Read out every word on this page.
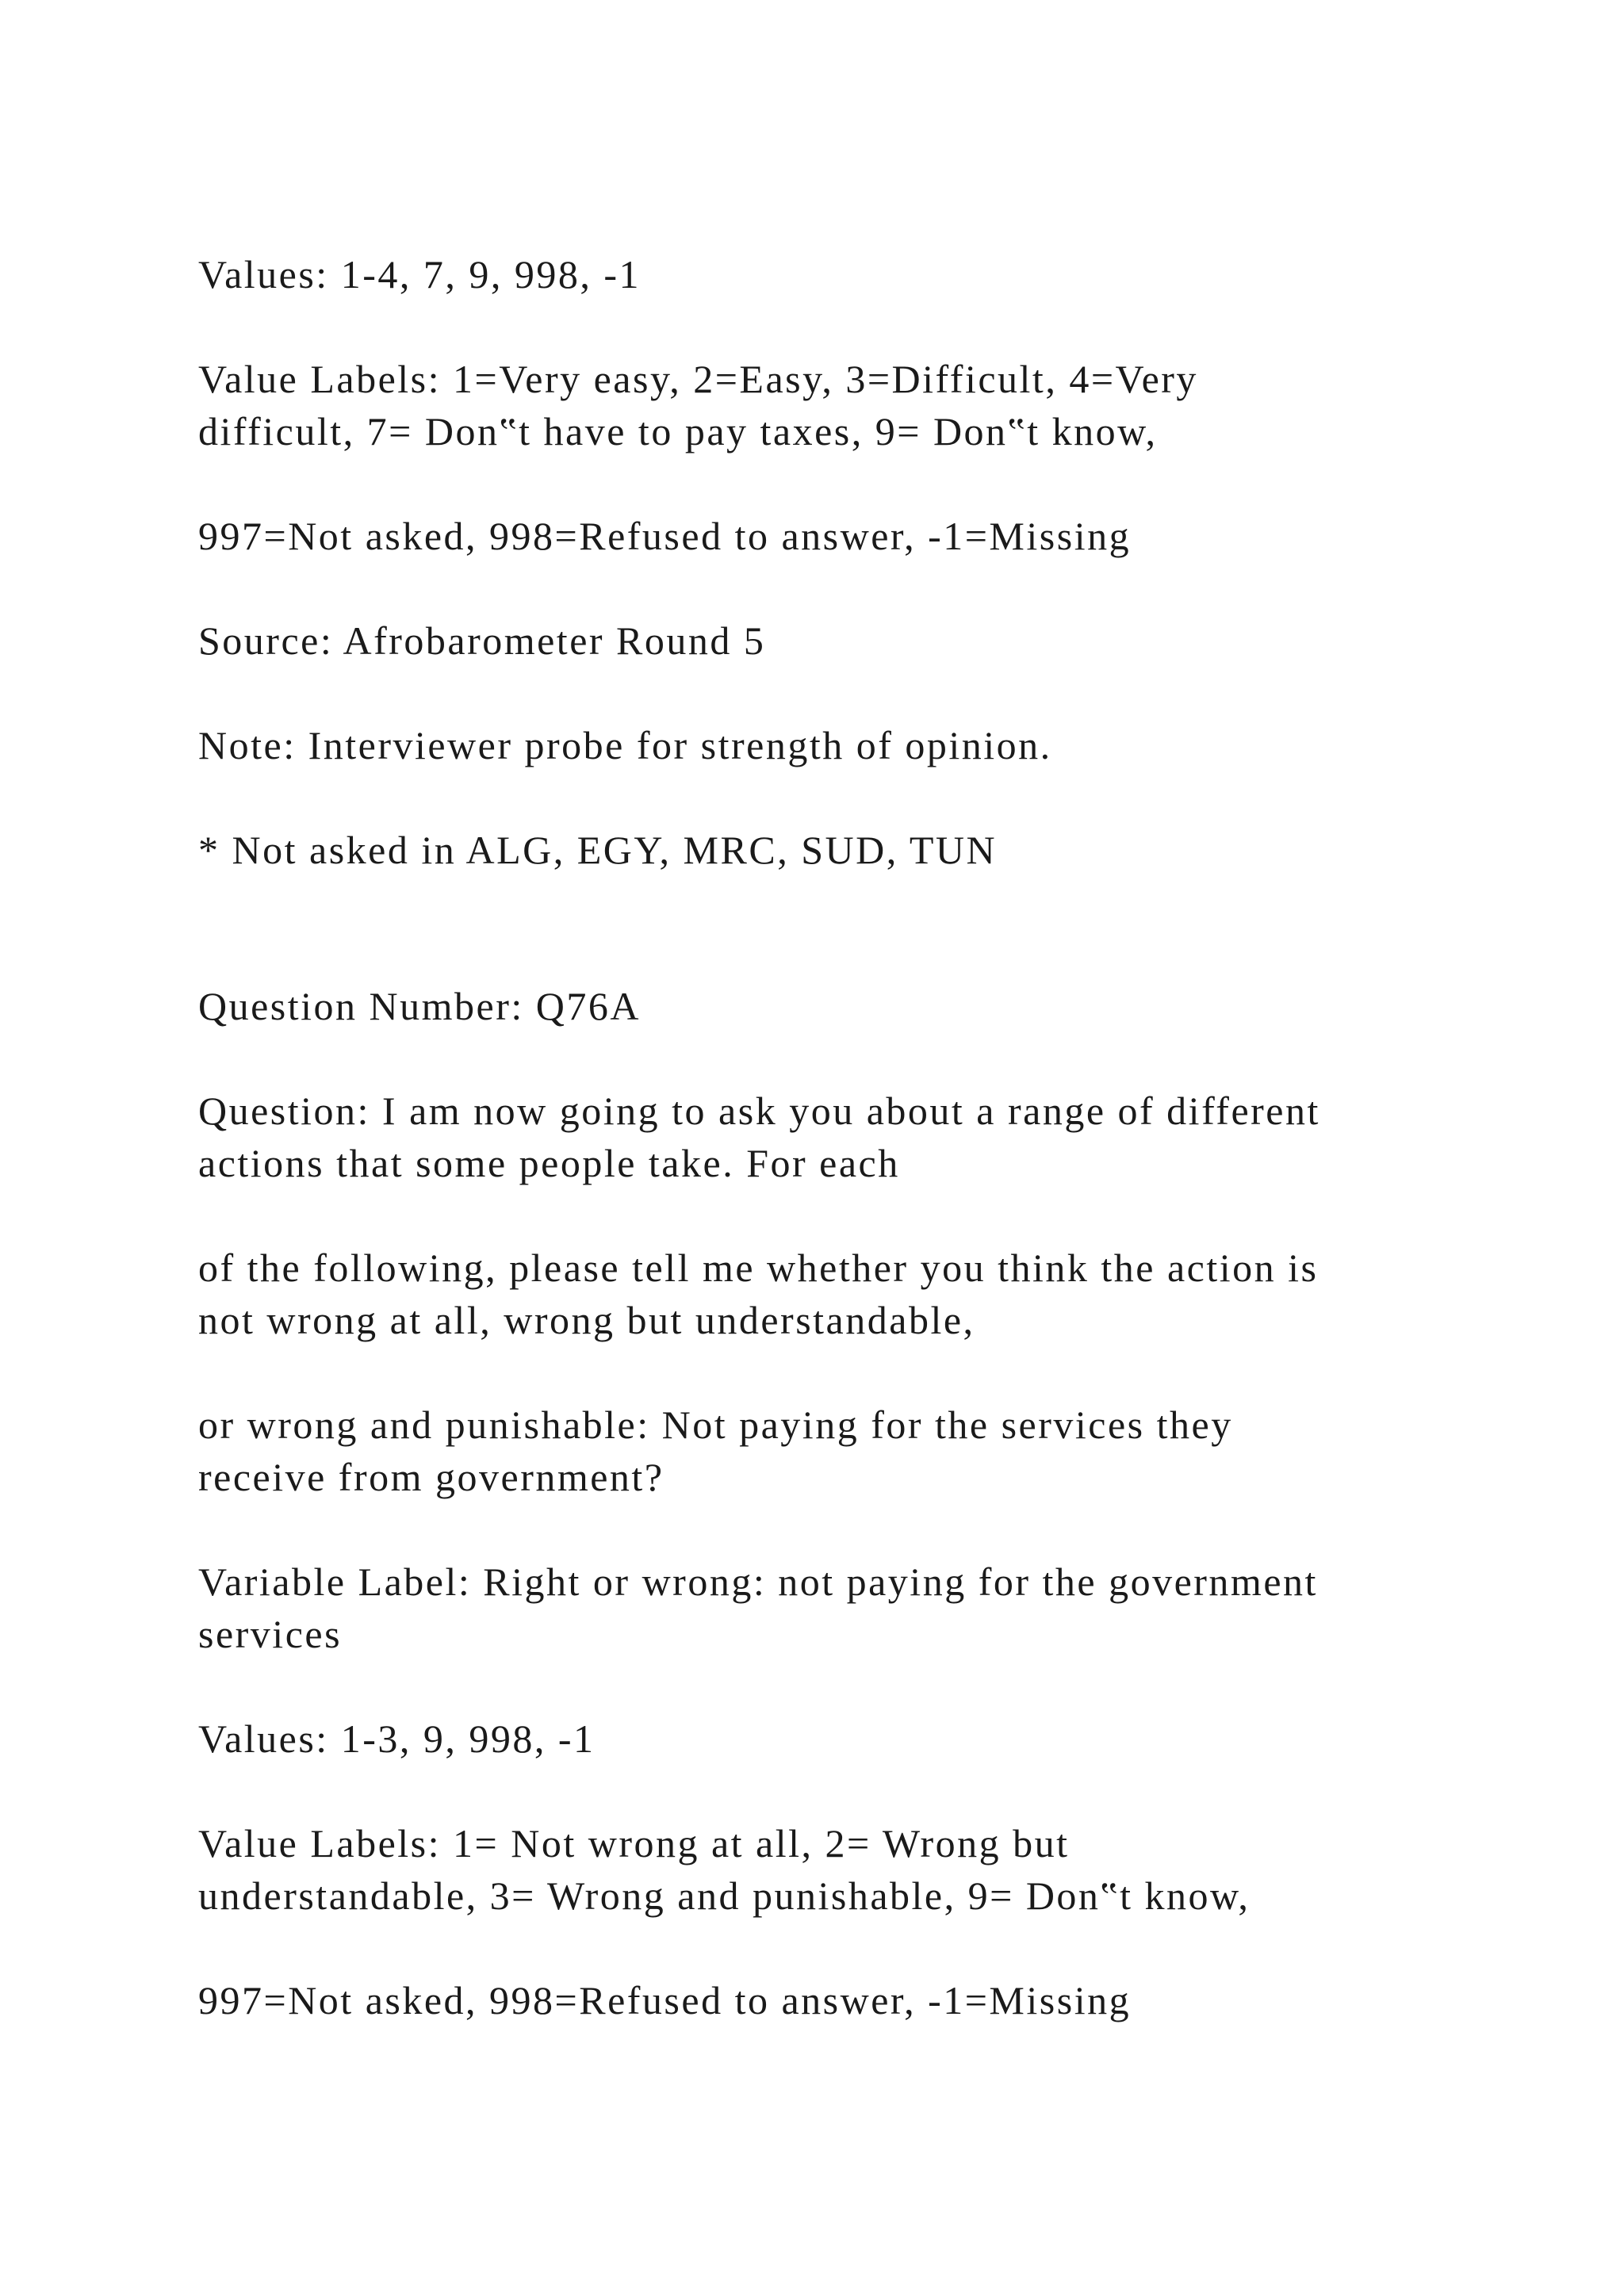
Values: 1-4, 7, 9, 998, -1

Value Labels: 1=Very easy, 2=Easy, 3=Difficult, 4=Very

difficult, 7= Don‟t have to pay taxes, 9= Don‟t know,

997=Not asked, 998=Refused to answer, -1=Missing

Source: Afrobarometer Round 5

Note: Interviewer probe for strength of opinion.

* Not asked in ALG, EGY, MRC, SUD, TUN

Question Number: Q76A

Question: I am now going to ask you about a range of different

actions that some people take. For each

of the following, please tell me whether you think the action is

not wrong at all, wrong but understandable,

or wrong and punishable: Not paying for the services they

receive from government?

Variable Label: Right or wrong: not paying for the government

services

Values: 1-3, 9, 998, -1

Value Labels: 1= Not wrong at all, 2= Wrong but

understandable, 3= Wrong and punishable, 9= Don‟t know,

997=Not asked, 998=Refused to answer, -1=Missing
